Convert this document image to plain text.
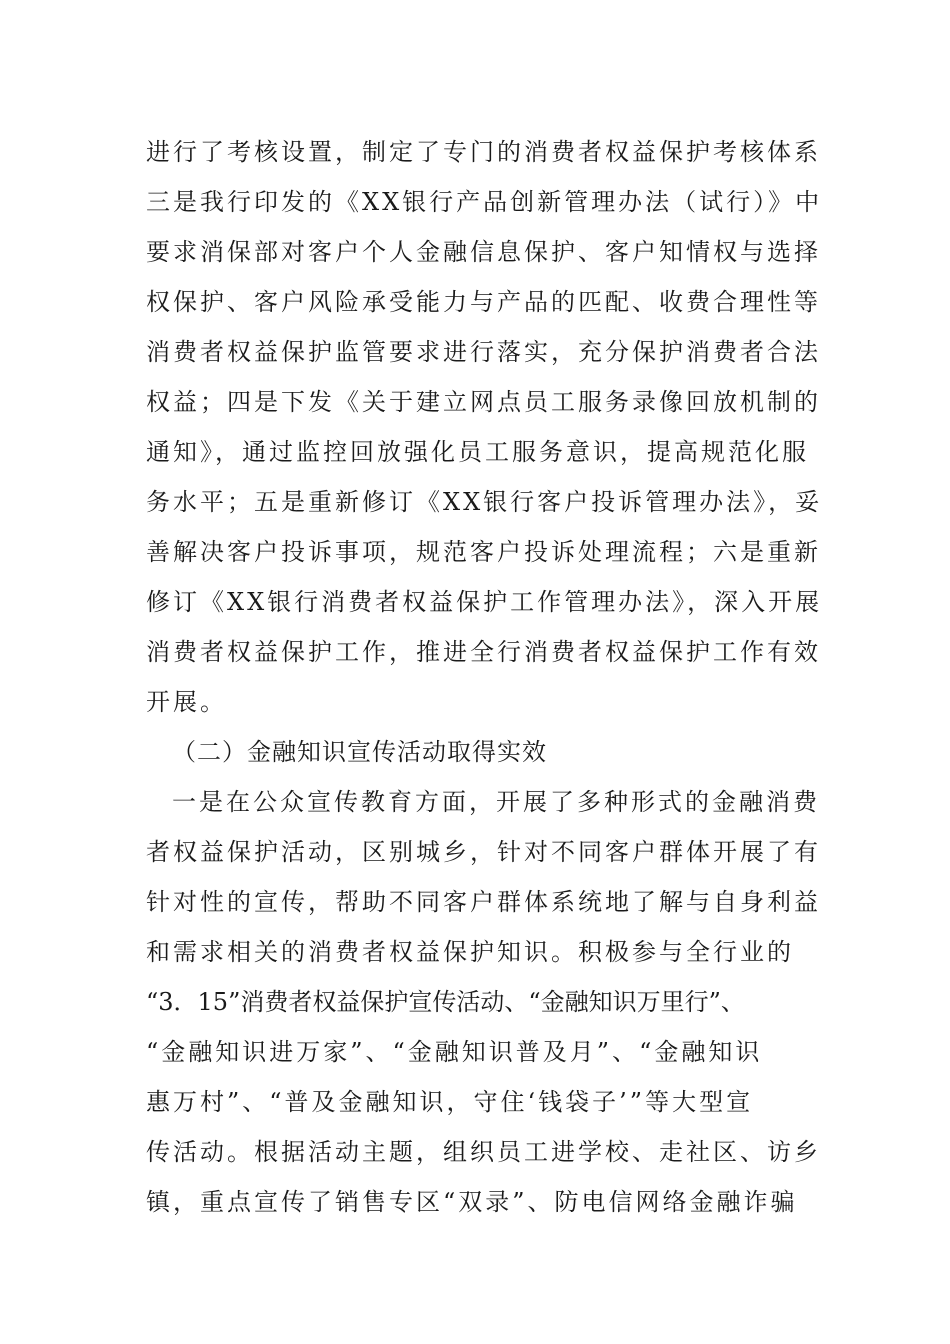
进行了考核设置，制定了专门的消费者权益保护考核体系
三是我行印发的《XX银行产品创新管理办法（试行）》中
要求消保部对客户个人金融信息保护、客户知情权与选择
权保护、客户风险承受能力与产品的匹配、收费合理性等
消费者权益保护监管要求进行落实，充分保护消费者合法
权益；四是下发《关于建立网点员工服务录像回放机制的
通知》，通过监控回放强化员工服务意识，提高规范化服
务水平；五是重新修订《XX银行客户投诉管理办法》，妥
善解决客户投诉事项，规范客户投诉处理流程；六是重新
修订《XX银行消费者权益保护工作管理办法》，深入开展
消费者权益保护工作，推进全行消费者权益保护工作有效
开展。
（二）金融知识宣传活动取得实效
一是在公众宣传教育方面，开展了多种形式的金融消费
者权益保护活动，区别城乡，针对不同客户群体开展了有
针对性的宣传，帮助不同客户群体系统地了解与自身利益
和需求相关的消费者权益保护知识。积极参与全行业的
“3．15”消费者权益保护宣传活动、“金融知识万里行”、
“金融知识进万家”、“金融知识普及月”、“金融知识
惠万村”、“普及金融知识，守住‘钱袋子’”等大型宣
传活动。根据活动主题，组织员工进学校、走社区、访乡
镇，重点宣传了销售专区“双录”、防电信网络金融诈骗
